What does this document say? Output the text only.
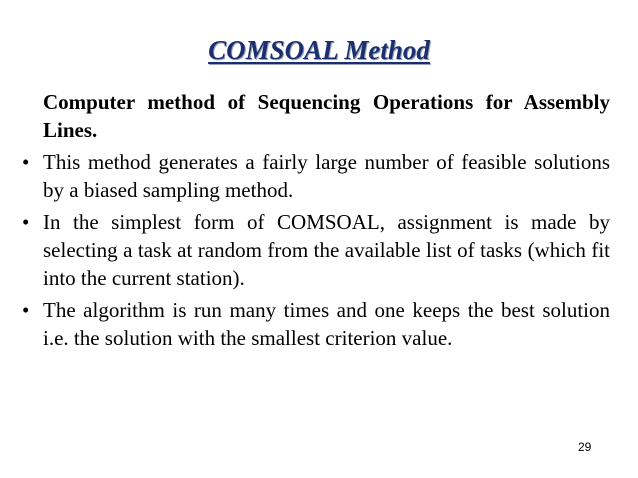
COMSOAL Method

Computer method of Sequencing Operations for Assembly Lines.

• This method generates a fairly large number of feasible solutions by a biased sampling method.
• In the simplest form of COMSOAL, assignment is made by selecting a task at random from the available list of tasks (which fit into the current station).
• The algorithm is run many times and one keeps the best solution i.e. the solution with the smallest criterion value.
29
